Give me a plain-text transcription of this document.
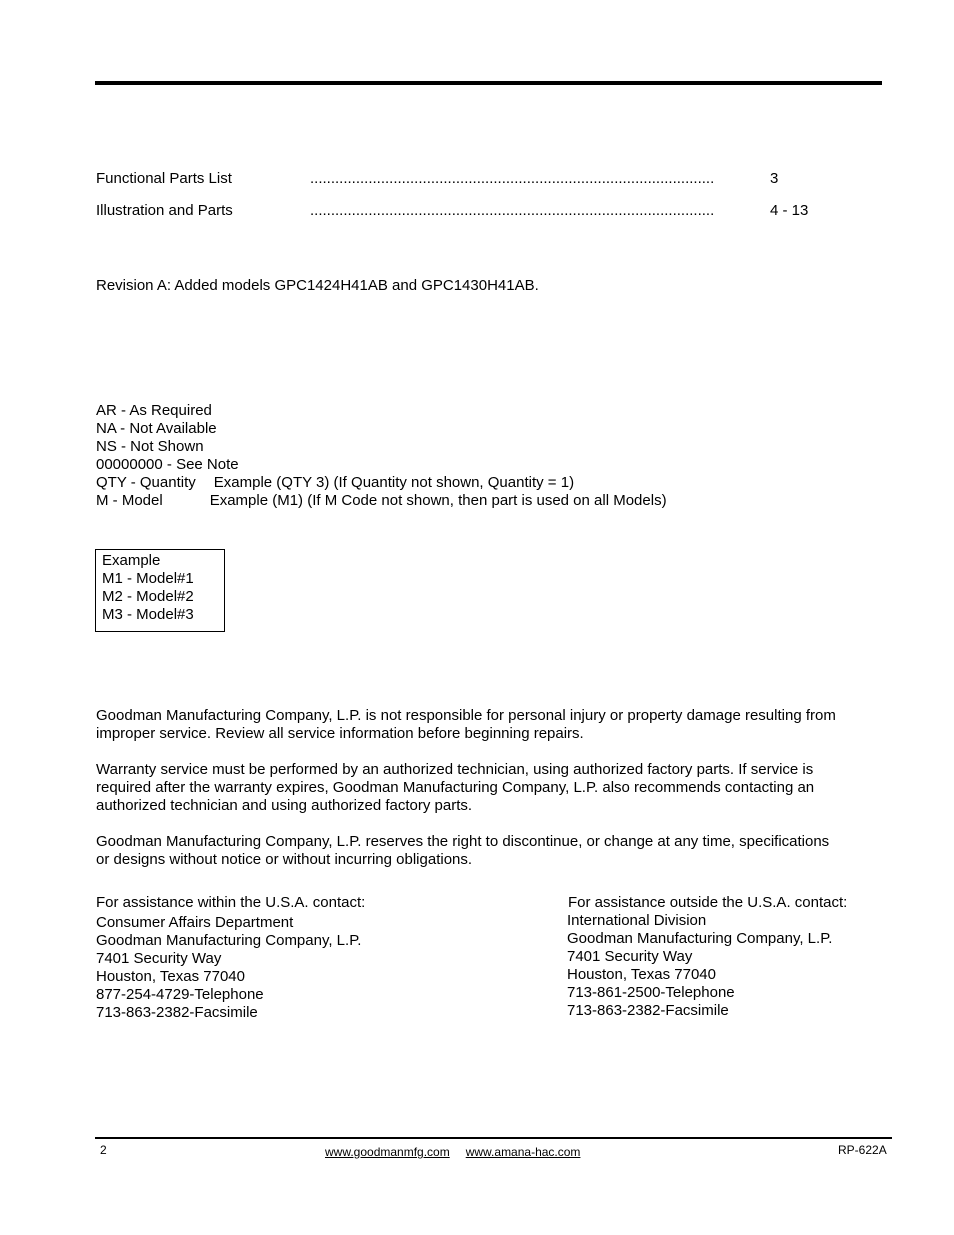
Functional Parts List	.................................................................................................	3
Illustration and Parts	.................................................................................................	4 - 13
Revision A: Added models GPC1424H41AB and GPC1430H41AB.
AR - As Required
NA - Not Available
NS - Not Shown
00000000 - See Note
QTY - Quantity Example (QTY 3) (If Quantity not shown, Quantity = 1)
M - Model	Example (M1) (If M Code not shown, then part is used on all Models)
Example
M1 - Model#1
M2 - Model#2
M3 - Model#3
Goodman Manufacturing Company, L.P. is not responsible for personal injury or property damage resulting from
improper service. Review all service information before beginning repairs.
Warranty service must be performed by an authorized technician, using authorized factory parts. If service is
required after the warranty expires, Goodman Manufacturing Company, L.P. also recommends contacting an
authorized technician and using authorized factory parts.
Goodman Manufacturing Company, L.P. reserves the right to discontinue, or change at any time, specifications
or designs without notice or without incurring obligations.
For assistance within the U.S.A. contact:
Consumer Affairs Department
Goodman Manufacturing Company, L.P.
7401 Security Way
Houston, Texas 77040
877-254-4729-Telephone
713-863-2382-Facsimile
For assistance outside the U.S.A. contact:
International Division
Goodman Manufacturing Company, L.P.
7401 Security Way
Houston, Texas 77040
713-861-2500-Telephone
713-863-2382-Facsimile
2	www.goodmanmfg.com www.amana-hac.com	RP-622A
